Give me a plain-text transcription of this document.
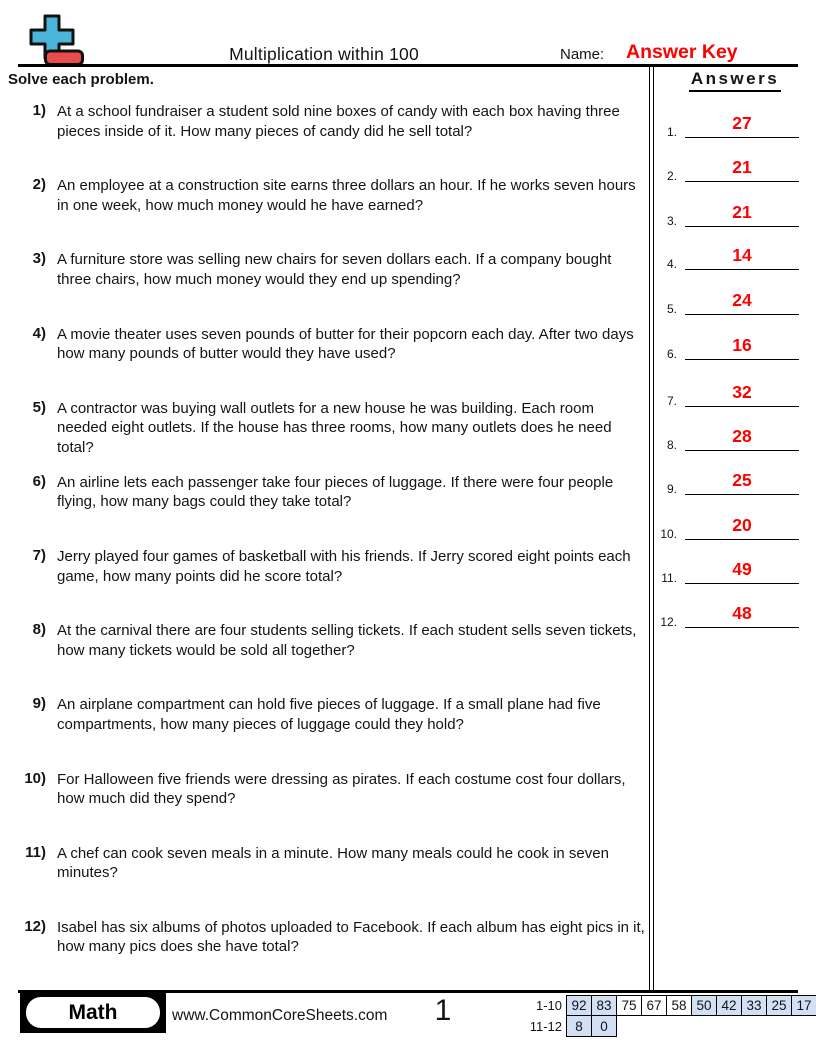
Multiplication within 100	Name: Answer Key
Solve each problem.
1) At a school fundraiser a student sold nine boxes of candy with each box having three pieces inside of it. How many pieces of candy did he sell total?
2) An employee at a construction site earns three dollars an hour. If he works seven hours in one week, how much money would he have earned?
3) A furniture store was selling new chairs for seven dollars each. If a company bought three chairs, how much money would they end up spending?
4) A movie theater uses seven pounds of butter for their popcorn each day. After two days how many pounds of butter would they have used?
5) A contractor was buying wall outlets for a new house he was building. Each room needed eight outlets. If the house has three rooms, how many outlets does he need total?
6) An airline lets each passenger take four pieces of luggage. If there were four people flying, how many bags could they take total?
7) Jerry played four games of basketball with his friends. If Jerry scored eight points each game, how many points did he score total?
8) At the carnival there are four students selling tickets. If each student sells seven tickets, how many tickets would be sold all together?
9) An airplane compartment can hold five pieces of luggage. If a small plane had five compartments, how many pieces of luggage could they hold?
10) For Halloween five friends were dressing as pirates. If each costume cost four dollars, how much did they spend?
11) A chef can cook seven meals in a minute. How many meals could he cook in seven minutes?
12) Isabel has six albums of photos uploaded to Facebook. If each album has eight pics in it, how many pics does she have total?
Answers
1.	27
2.	21
3.	21
4.	14
5.	24
6.	16
7.	32
8.	28
9.	25
10.	20
11.	49
12.	48
Math	www.CommonCoreSheets.com 1	1-10 92 83 75 67 58 50 42 33 25 17
11-12 8	0
